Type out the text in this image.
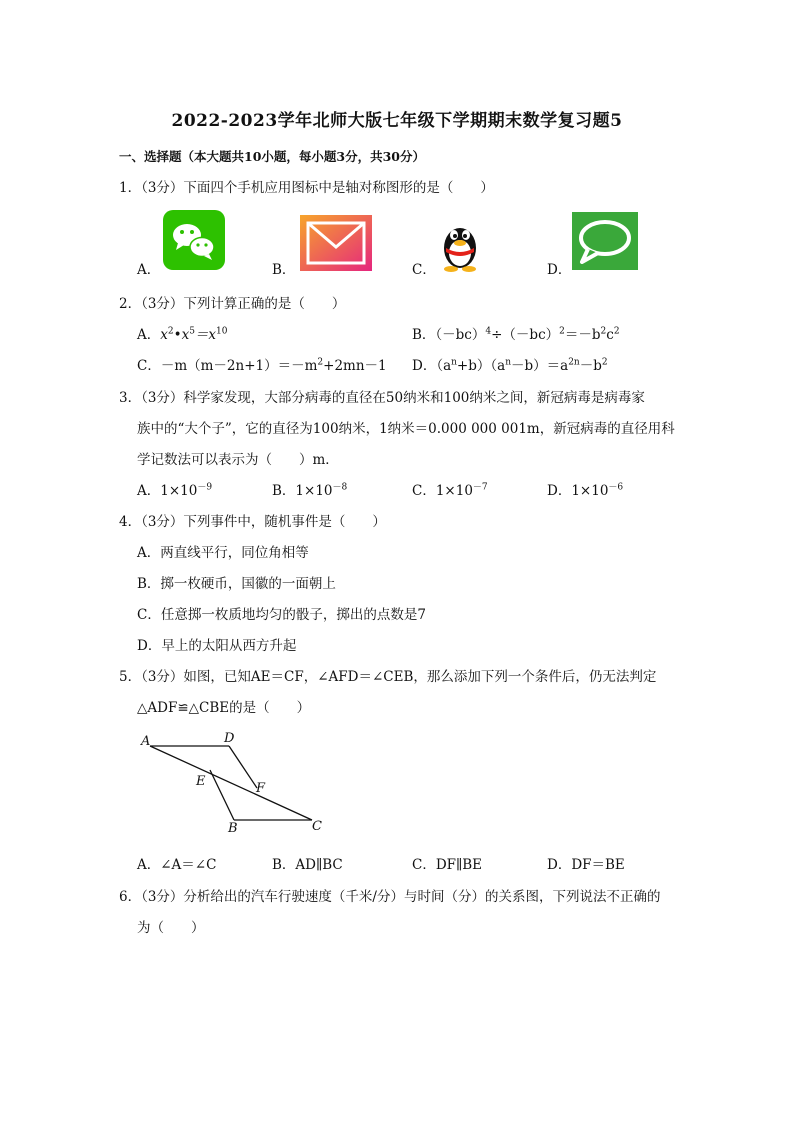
2022-2023学年北师大版七年级下学期期末数学复习题5
一、选择题（本大题共10小题，每小题3分，共30分）
1．（3分）下面四个手机应用图标中是轴对称图形的是（　　）
A．	B．	C．	D．
2．（3分）下列计算正确的是（　　）
A．$x^2•x^5=x^{10}$	B．$(-bc)^4\div(-bc)^2=-b^2c^2$
C．$-m(m-2n+1)=-m^2+2mn-1$ D．$(a^n+b)(a^n-b)=a^{2n}-b^2$
3．（3分）科学家发现，大部分病毒的直径在50纳米和100纳米之间，新冠病毒是病毒家
族中的“大个子”，它的直径为100纳米，1纳米＝0.000 000 001m，新冠病毒的直径用科
学记数法可以表示为（　　）m．
A．$1\times 10^{-9}$	B．$1\times 10^{-8}$	C．$1\times 10^{-7}$	D．$1\times 10^{-6}$
4．（3分）下列事件中，随机事件是（　　）
A．两直线平行，同位角相等
B．掷一枚硬币，国徽的一面朝上
C．任意掷一枚质地均匀的骰子，掷出的点数是7
D．早上的太阳从西方升起
5．（3分）如图，已知AE＝CF，∠AFD＝∠CEB，那么添加下列一个条件后，仍无法判定
△ADF≌△CBE的是（　　）
A	D
E	F
B	C
A．∠A＝∠C	B．AD∥BC	C．DF∥BE	D．DF＝BE
6．（3分）分析给出的汽车行驶速度（千米/分）与时间（分）的关系图，下列说法不正确的
为（　　）
